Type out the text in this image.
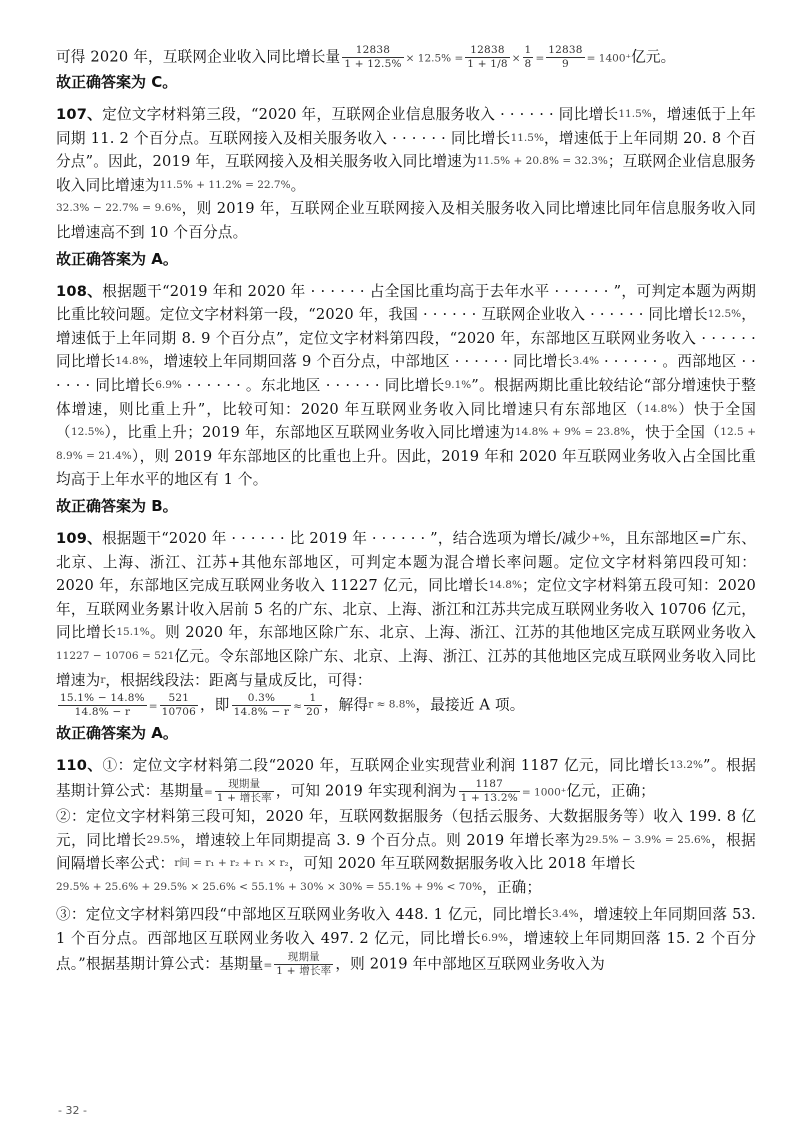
可得 2020 年，互联网企业收入同比增长量 $\frac{12838}{1 + 12.5\%} \times 12.5\% = \frac{12838}{1 + 1/8} \times \frac{1}{8} = \frac{12838}{9} = 1400^+$亿元。

故正确答案为 C。

107、定位文字材料第三段，“2020 年，互联网企业信息服务收入 · · · · · · 同比增长11.5%，增速低于上年同期 11. 2 个百分点。互联网接入及相关服务收入 · · · · · · 同比增长11.5%，增速低于上年同期 20. 8 个百分点”。因此，2019 年，互联网接入及相关服务收入同比增速为11.5% + 20.8% = 32.3%；互联网企业信息服务收入同比增速为11.5% + 11.2% = 22.7%。
32.3% − 22.7% = 9.6%，则 2019 年，互联网企业互联网接入及相关服务收入同比增速比同年信息服务收入同比增速高不到 10 个百分点。

故正确答案为 A。

108、根据题干“2019 年和 2020 年 · · · · · · 占全国比重均高于去年水平 · · · · · · ”，可判定本题为两期比重比较问题。定位文字材料第一段，“2020 年，我国 · · · · · · 互联网企业收入 · · · · · · 同比增长12.5%，增速低于上年同期 8. 9 个百分点”，定位文字材料第四段，“2020 年，东部地区互联网业务收入 · · · · · · 同比增长14.8%，增速较上年同期回落 9 个百分点，中部地区 · · · · · · 同比增长3.4% · · · · · · 。西部地区 · · · · · · 同比增长6.9% · · · · · · 。东北地区 · · · · · · 同比增长9.1%”。根据两期比重比较结论“部分增速快于整体增速，则比重上升”，比较可知：2020 年互联网业务收入同比增速只有东部地区（14.8%）快于全国（12.5%），比重上升；2019 年，东部地区互联网业务收入同比增速为14.8% + 9% = 23.8%，快于全国（12.5 + 8.9% = 21.4%），则 2019 年东部地区的比重也上升。因此，2019 年和 2020 年互联网业务收入占全国比重均高于上年水平的地区有 1 个。

故正确答案为 B。

109、根据题干“2020 年 · · · · · · 比 2019 年 · · · · · · ”，结合选项为增长/减少+%，且东部地区=广东、北京、上海、浙江、江苏+其他东部地区，可判定本题为混合增长率问题。定位文字材料第四段可知：2020 年，东部地区完成互联网业务收入 11227 亿元，同比增长14.8%；定位文字材料第五段可知：2020 年，互联网业务累计收入居前 5 名的广东、北京、上海、浙江和江苏共完成互联网业务收入 10706 亿元，同比增长15.1%。则 2020 年，东部地区除广东、北京、上海、浙江、江苏的其他地区完成互联网业务收入11227 − 10706 = 521亿元。令东部地区除广东、北京、上海、浙江、江苏的其他地区完成互联网业务收入同比增速为r，根据线段法：距离与量成反比，可得：

$\frac{15.1\% - 14.8\%}{14.8\% - r} = \frac{521}{10706}$ ，即 $\frac{0.3\%}{14.8\% - r} \approx \frac{1}{20}$ ，解得r ≈ 8.8%，最接近 A 项。

故正确答案为 A。

110、①：定位文字材料第二段“2020 年，互联网企业实现营业利润 1187 亿元，同比增长13.2%”。根据基期计算公式：基期量= $\frac{\text{现期量}}{\text{1 + 增长率}}$ ，可知 2019 年实现利润为 $\frac{1187}{1 + 13.2\%} = 1000^+$亿元，正确；

②：定位文字材料第三段可知，2020 年，互联网数据服务（包括云服务、大数据服务等）收入 199. 8 亿元，同比增长29.5%，增速较上年同期提高 3. 9 个百分点。则 2019 年增长率为29.5% − 3.9% = 25.6%，根据间隔增长率公式：r间 = r₁ + r₂ + r₁ × r₂，可知 2020 年互联网数据服务收入比 2018 年增长
29.5% + 25.6% + 29.5% × 25.6% < 55.1% + 30% × 30% = 55.1% + 9% < 70%，正确；

③：定位文字材料第四段“中部地区互联网业务收入 448. 1 亿元，同比增长3.4%，增速较上年同期回落 53. 1 个百分点。西部地区互联网业务收入 497. 2 亿元，同比增长6.9%，增速较上年同期回落 15. 2 个百分点。”根据基期计算公式：基期量= $\frac{\text{现期量}}{\text{1 + 增长率}}$ ，则 2019 年中部地区互联网业务收入为

- 32 -
